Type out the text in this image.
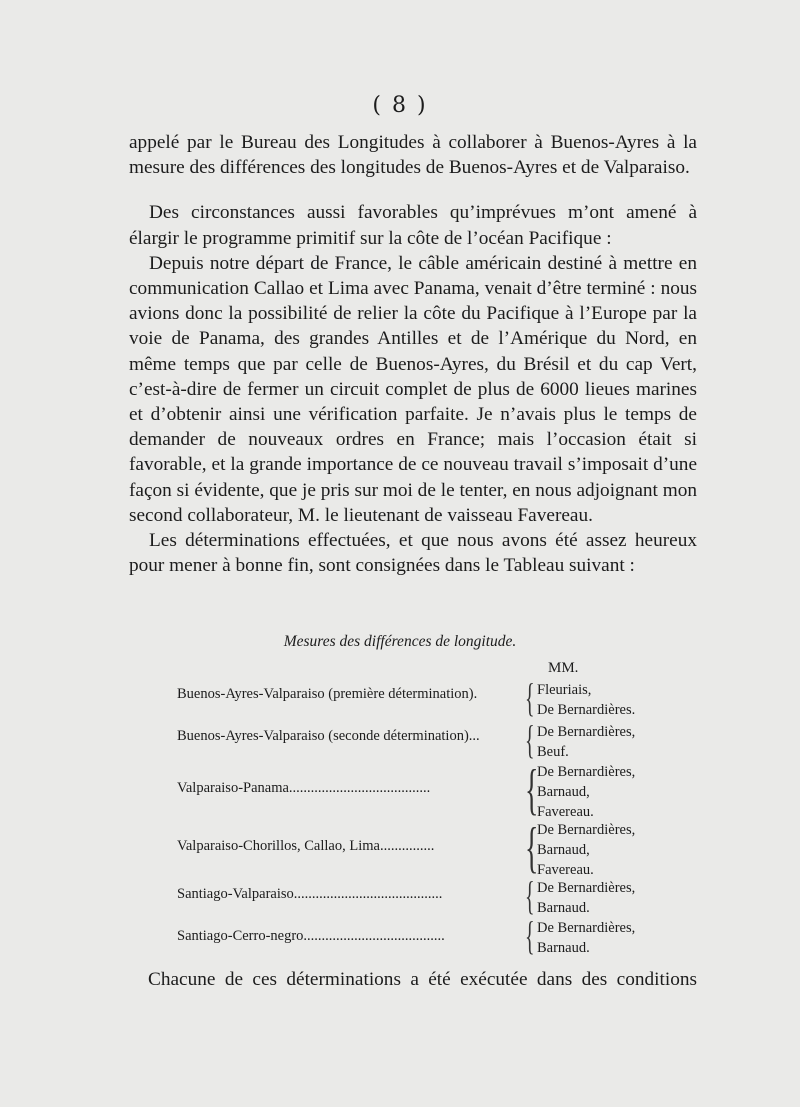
( 8 )

appelé par le Bureau des Longitudes à collaborer à Buenos-Ayres à la mesure des différences des longitudes de Buenos-Ayres et de Valparaiso.

Des circonstances aussi favorables qu’imprévues m’ont amené à élargir le programme primitif sur la côte de l’océan Pacifique :

Depuis notre départ de France, le câble américain destiné à mettre en communication Callao et Lima avec Panama, venait d’être terminé : nous avions donc la possibilité de relier la côte du Pacifique à l’Europe par la voie de Panama, des grandes Antilles et de l’Amérique du Nord, en même temps que par celle de Buenos-Ayres, du Brésil et du cap Vert, c’est-à-dire de fermer un circuit complet de plus de 6000 lieues marines et d’obtenir ainsi une vérification parfaite. Je n’avais plus le temps de demander de nouveaux ordres en France; mais l’occasion était si favorable, et la grande importance de ce nouveau travail s’imposait d’une façon si évidente, que je pris sur moi de le tenter, en nous adjoignant mon second collaborateur, M. le lieutenant de vaisseau Favereau.

Les déterminations effectuées, et que nous avons été assez heureux pour mener à bonne fin, sont consignées dans le Tableau suivant :

Mesures des différences de longitude.
MM.
Buenos-Ayres-Valparaiso (première détermination). { Fleuriais,
De Bernardières.
Buenos-Ayres-Valparaiso (seconde détermination)... { De Bernardières,
Beuf.
Valparaiso-Panama....................................... {
De Bernardières,
Barnaud,
Favereau.
Valparaiso-Chorillos, Callao, Lima............... {
De Bernardières,
Barnaud,
Favereau.
Santiago-Valparaiso......................................... { De Bernardières,
Barnaud.
Santiago-Cerro-negro....................................... { De Bernardières,
Barnaud.
Chacune de ces déterminations a été exécutée dans des conditions
